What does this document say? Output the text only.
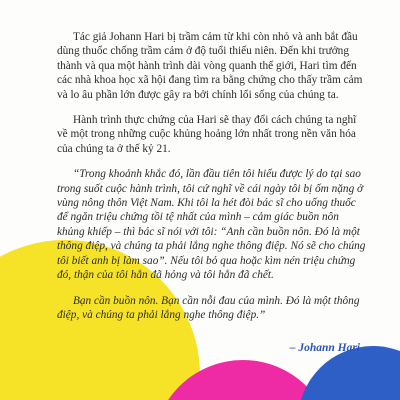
Tác giả Johann Hari bị trầm cảm từ khi còn nhỏ và anh bắt đầu dùng thuốc chống trầm cảm ở độ tuổi thiếu niên. Đến khi trưởng thành và qua một hành trình dài vòng quanh thế giới, Hari tìm đến các nhà khoa học xã hội đang tìm ra bằng chứng cho thấy trầm cảm và lo âu phần lớn được gây ra bởi chính lối sống của chúng ta.

Hành trình thực chứng của Hari sẽ thay đổi cách chúng ta nghĩ về một trong những cuộc khủng hoảng lớn nhất trong nền văn hóa của chúng ta ở thế kỷ 21.

“Trong khoảnh khắc đó, lần đầu tiên tôi hiểu được lý do tại sao trong suốt cuộc hành trình, tôi cứ nghĩ về cái ngày tôi bị ốm nặng ở vùng nông thôn Việt Nam. Khi tôi la hét đòi bác sĩ cho uống thuốc để ngăn triệu chứng tồi tệ nhất của mình – cảm giác buồn nôn khủng khiếp – thì bác sĩ nói với tôi: “Anh cần buồn nôn. Đó là một thông điệp, và chúng ta phải lắng nghe thông điệp. Nó sẽ cho chúng tôi biết anh bị làm sao”. Nếu tôi bỏ qua hoặc kìm nén triệu chứng đó, thận của tôi hẳn đã hỏng và tôi hẳn đã chết.

Bạn cần buồn nôn. Bạn cần nỗi đau của mình. Đó là một thông điệp, và chúng ta phải lắng nghe thông điệp.”

– Johann Hari
